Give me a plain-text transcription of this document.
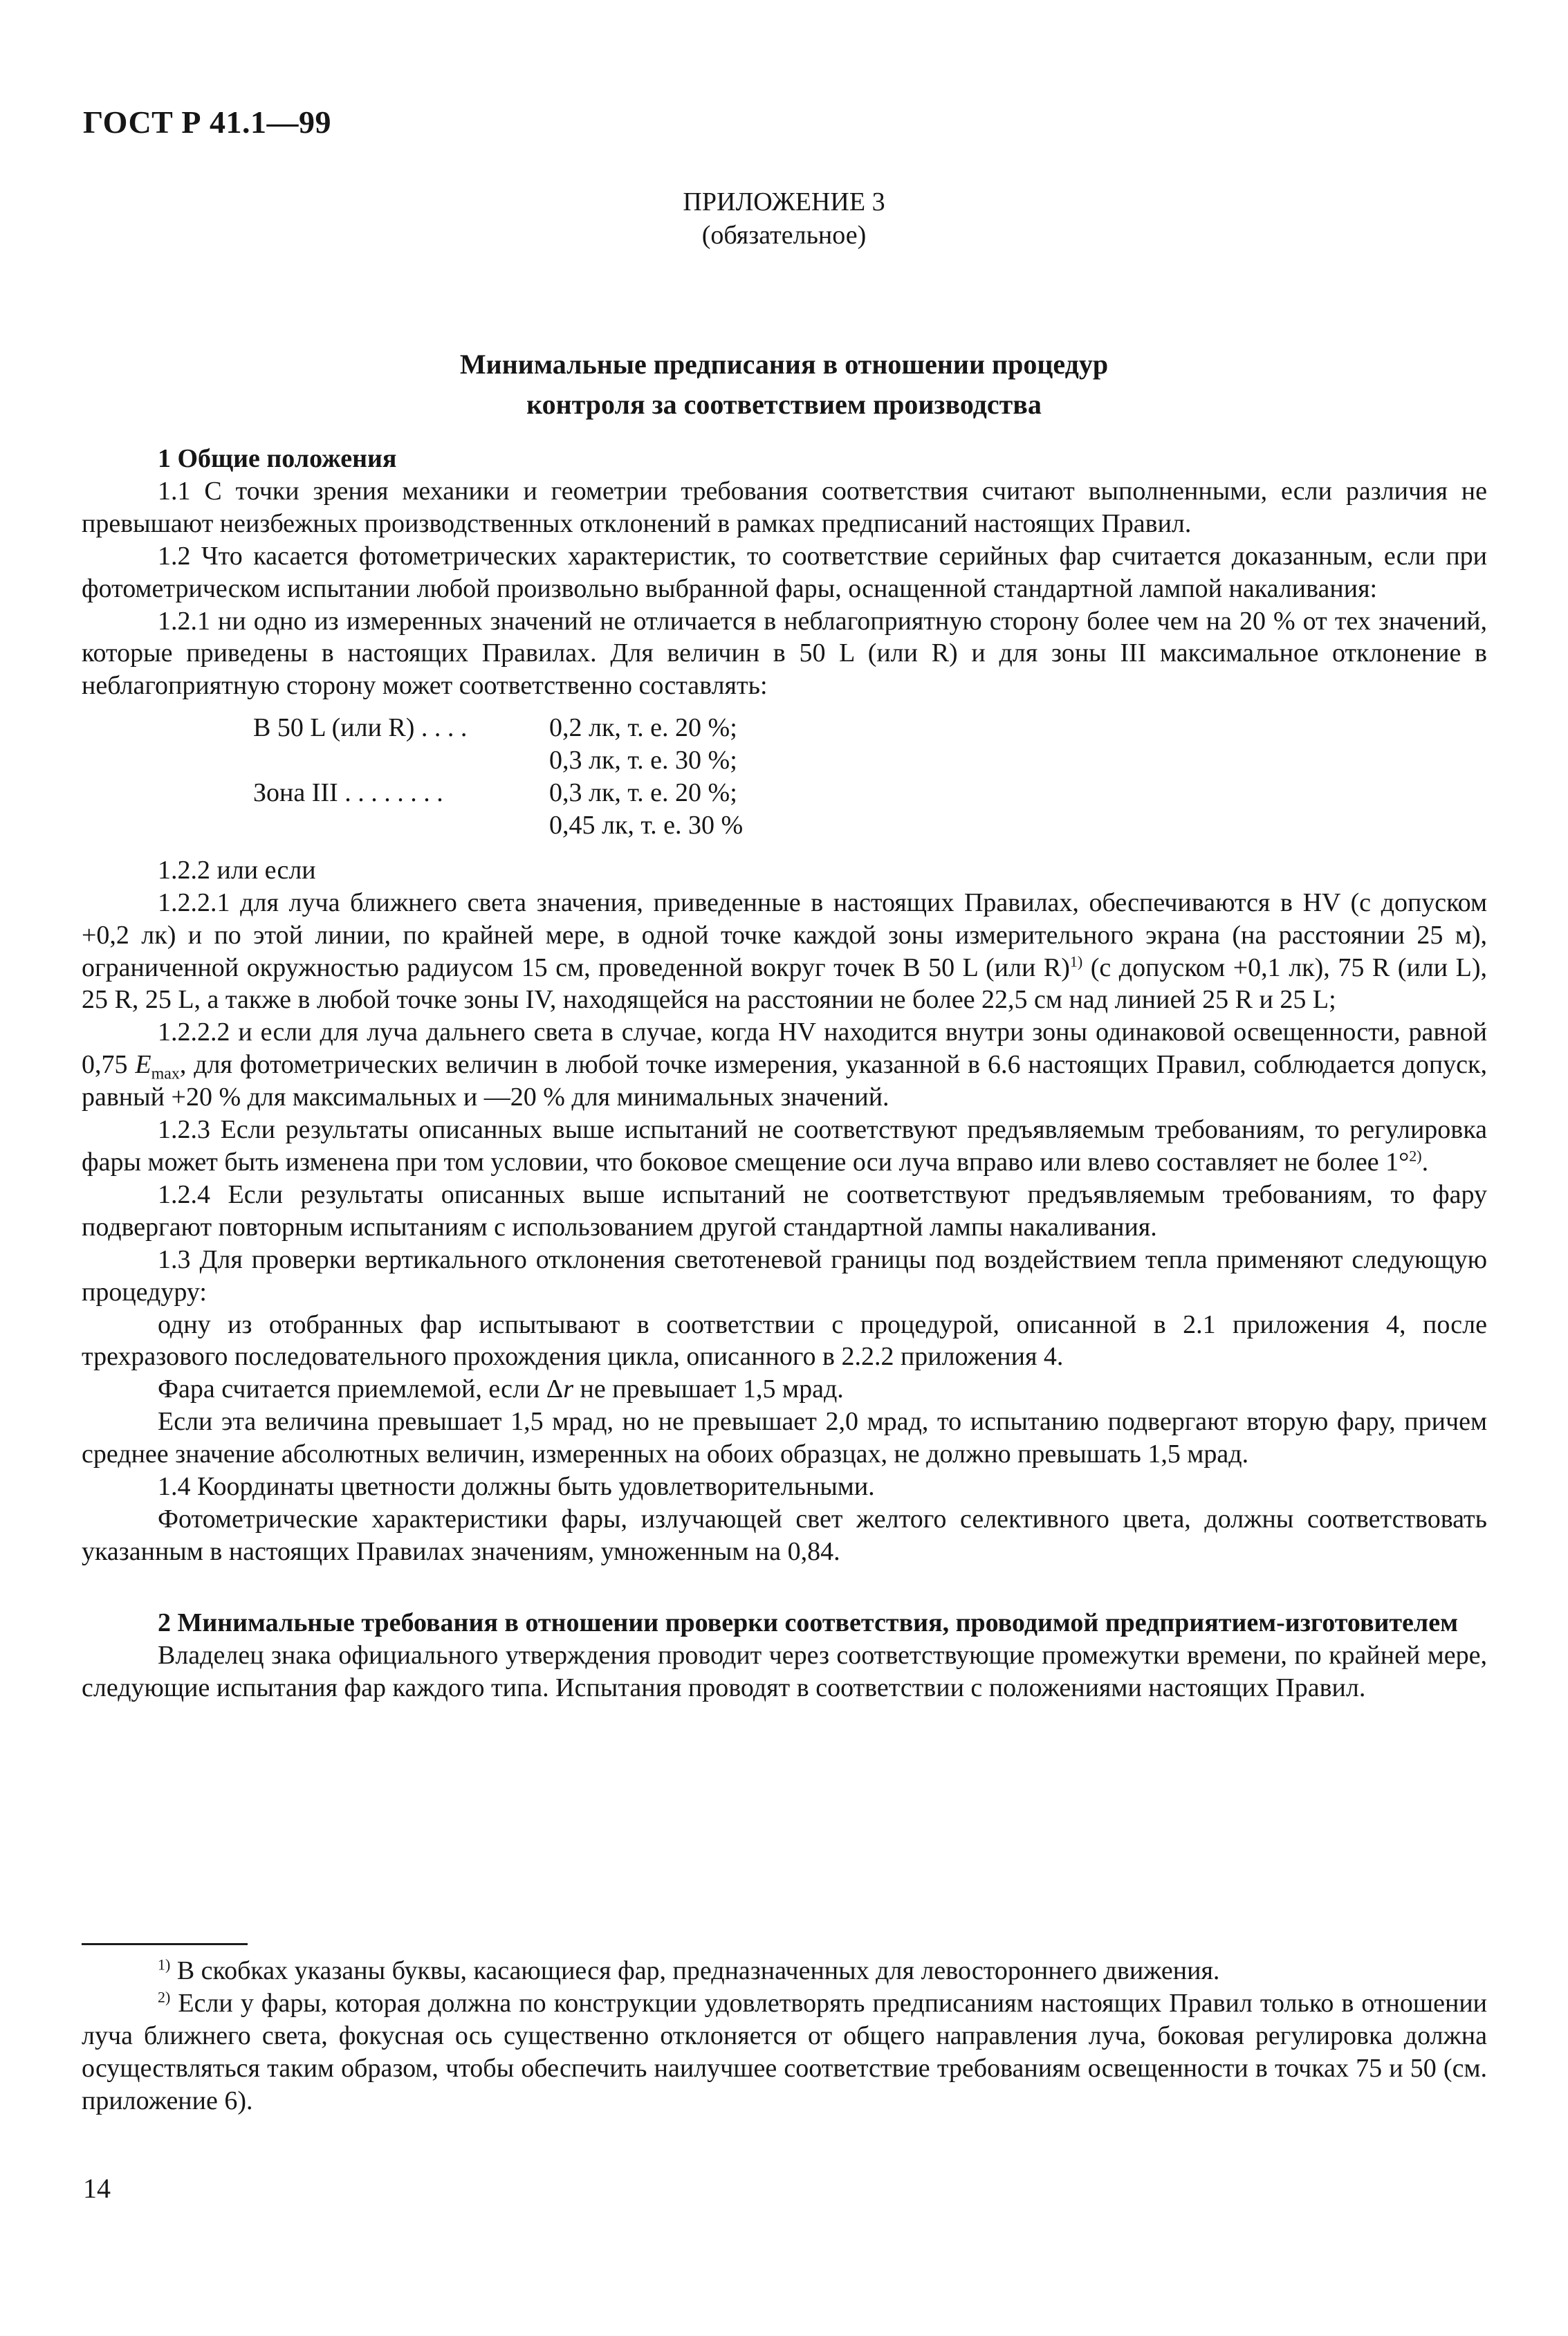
ГОСТ Р 41.1—99
ПРИЛОЖЕНИЕ 3
(обязательное)
Минимальные предписания в отношении процедур
контроля за соответствием производства

1 Общие положения

1.1 С точки зрения механики и геометрии требования соответствия считают выполненными, если различия не превышают неизбежных производственных отклонений в рамках предписаний настоящих Правил.

1.2 Что касается фотометрических характеристик, то соответствие серийных фар считается доказанным, если при фотометрическом испытании любой произвольно выбранной фары, оснащенной стандартной лампой накаливания:

1.2.1 ни одно из измеренных значений не отличается в неблагоприятную сторону более чем на 20 % от тех значений, которые приведены в настоящих Правилах. Для величин в 50 L (или R) и для зоны III максимальное отклонение в неблагоприятную сторону может соответственно составлять:

В 50 L (или R) . . . .	0,2 лк, т. е. 20 %;
0,3 лк, т. е. 30 %;
Зона III . . . . . . . .	0,3 лк, т. е. 20 %;
0,45 лк, т. е. 30 %

1.2.2 или если

1.2.2.1 для луча ближнего света значения, приведенные в настоящих Правилах, обеспечиваются в HV (с допуском +0,2 лк) и по этой линии, по крайней мере, в одной точке каждой зоны измерительного экрана (на расстоянии 25 м), ограниченной окружностью радиусом 15 см, проведенной вокруг точек В 50 L (или R)$^{1)}$ (с допуском +0,1 лк), 75 R (или L), 25 R, 25 L, а также в любой точке зоны IV, находящейся на расстоянии не более 22,5 см над линией 25 R и 25 L;

1.2.2.2 и если для луча дальнего света в случае, когда HV находится внутри зоны одинаковой освещенности, равной 0,75 $E_{max}$, для фотометрических величин в любой точке измерения, указанной в 6.6 настоящих Правил, соблюдается допуск, равный +20 % для максимальных и —20 % для минимальных значений.

1.2.3 Если результаты описанных выше испытаний не соответствуют предъявляемым требованиям, то регулировка фары может быть изменена при том условии, что боковое смещение оси луча вправо или влево составляет не более 1°$^{2)}$.

1.2.4 Если результаты описанных выше испытаний не соответствуют предъявляемым требованиям, то фару подвергают повторным испытаниям с использованием другой стандартной лампы накаливания.

1.3 Для проверки вертикального отклонения светотеневой границы под воздействием тепла применяют следующую процедуру:

одну из отобранных фар испытывают в соответствии с процедурой, описанной в 2.1 приложения 4, после трехразового последовательного прохождения цикла, описанного в 2.2.2 приложения 4.

Фара считается приемлемой, если Δr не превышает 1,5 мрад.

Если эта величина превышает 1,5 мрад, но не превышает 2,0 мрад, то испытанию подвергают вторую фару, причем среднее значение абсолютных величин, измеренных на обоих образцах, не должно превышать 1,5 мрад.

1.4 Координаты цветности должны быть удовлетворительными.

Фотометрические характеристики фары, излучающей свет желтого селективного цвета, должны соответствовать указанным в настоящих Правилах значениям, умноженным на 0,84.

2 Минимальные требования в отношении проверки соответствия, проводимой предприятием-изготовителем

Владелец знака официального утверждения проводит через соответствующие промежутки времени, по крайней мере, следующие испытания фар каждого типа. Испытания проводят в соответствии с положениями настоящих Правил.

$^{1)}$ В скобках указаны буквы, касающиеся фар, предназначенных для левостороннего движения.

$^{2)}$ Если у фары, которая должна по конструкции удовлетворять предписаниям настоящих Правил только в отношении луча ближнего света, фокусная ось существенно отклоняется от общего направления луча, боковая регулировка должна осуществляться таким образом, чтобы обеспечить наилучшее соответствие требованиям освещенности в точках 75 и 50 (см. приложение 6).

14
